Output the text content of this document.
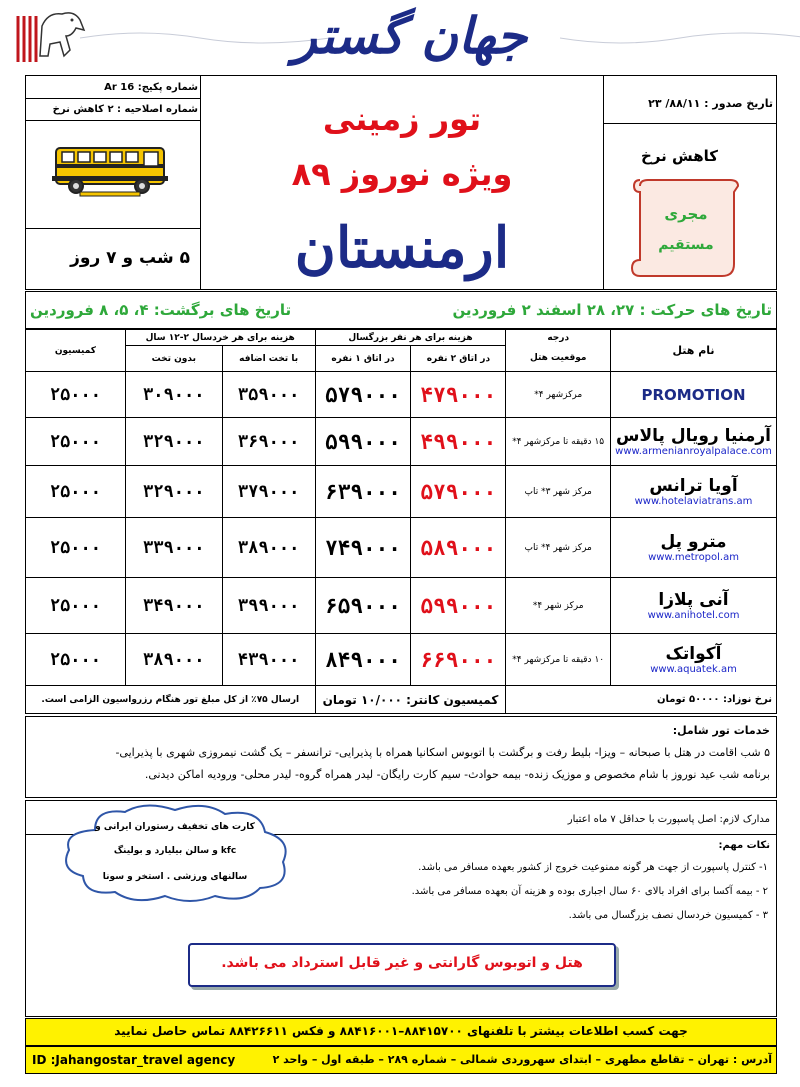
جهان گستر
شماره پکیج: Ar 16
شماره اصلاحیه : ۲ کاهش نرخ
۵ شب و ۷ روز
تور زمینی
ویژه نوروز ۸۹
ارمنستان
تاریخ صدور : ۸۸/۱۱/ ۲۳
کاهش نرخ
مجری
مستقیم
تاریخ های حرکت : ۲۷، ۲۸ اسفند ۲ فروردین
تاریخ های برگشت: ۴، ۵، ۸ فروردین
نام هتل	درجه	هزینه برای هر نفر بزرگسال		هزینه برای هر خردسال ۲-۱۲ سال		کمیسیون
	موقعیت هتل	در اتاق ۲ نفره	در اتاق ۱ نفره	با تخت اضافه	بدون تخت	

PROMOTION	مرکزشهر ۴*	۴۷۹۰۰۰	۵۷۹۰۰۰	۳۵۹۰۰۰	۳۰۹۰۰۰	۲۵۰۰۰

آرمنیا رویال پالاس
www.armenianroyalpalace.com	۱۵ دقیقه تا مرکزشهر ۴*	۴۹۹۰۰۰	۵۹۹۰۰۰	۳۶۹۰۰۰	۳۲۹۰۰۰	۲۵۰۰۰

آویا ترانس
www.hotelaviatrans.am	مرکز شهر ۳* تاپ	۵۷۹۰۰۰	۶۳۹۰۰۰	۳۷۹۰۰۰	۳۲۹۰۰۰	۲۵۰۰۰

مترو پل
www.metropol.am	مرکز شهر ۴* تاپ	۵۸۹۰۰۰	۷۴۹۰۰۰	۳۸۹۰۰۰	۳۳۹۰۰۰	۲۵۰۰۰

آنی پلازا
www.anihotel.com	مرکز شهر ۴*	۵۹۹۰۰۰	۶۵۹۰۰۰	۳۹۹۰۰۰	۳۴۹۰۰۰	۲۵۰۰۰

آکواتک
www.aquatek.am	۱۰ دقیقه تا مرکزشهر ۴*	۶۶۹۰۰۰	۸۴۹۰۰۰	۴۳۹۰۰۰	۳۸۹۰۰۰	۲۵۰۰۰
نرخ نوزاد: ۵۰۰۰۰ تومان		کمیسیون کانتر: ۱۰/۰۰۰ تومان		ارسال ۷۵٪ از کل مبلغ تور هنگام رزرواسیون الزامی است.		
خدمات تور شامل:
۵ شب اقامت در هتل با صبحانه – ویزا- بلیط رفت و برگشت با اتوبوس اسکانیا همراه با پذیرایی- ترانسفر – یک گشت نیمروزی شهری با پذیرایی-
برنامه شب عید نوروز با شام مخصوص و موزیک زنده- بیمه حوادث- سیم کارت رایگان- لیدر همراه گروه- لیدر محلی- ورودیه اماکن دیدنی.
مدارک لازم: اصل پاسپورت با حداقل ۷ ماه اعتبار
نکات مهم:
۱- کنترل پاسپورت از جهت هر گونه ممنوعیت خروج از کشور بعهده مسافر می باشد.
۲ - بیمه آکسا برای افراد بالای ۶۰ سال اجباری بوده و هزینه آن بعهده مسافر می باشد.
۳ - کمیسیون خردسال نصف بزرگسال می باشد.
کارت های تخفیف رستوران ایرانی و
kfc و سالن بیلیارد و بولینگ
سالنهای ورزشی . استخر و سونا
هتل و اتوبوس گارانتی و غیر قابل استرداد می باشد.
جهت کسب اطلاعات بیشتر با تلفنهای ۸۸۴۱۵۷۰۰–۸۸۴۱۶۰۰۱ و فکس ۸۸۴۲۶۶۱۱ تماس حاصل نمایید
آدرس : تهران – تقاطع مطهری – ابتدای سهروردی شمالی – شماره ۲۸۹ – طبقه اول – واحد ۲
ID :Jahangostar_travel agency
